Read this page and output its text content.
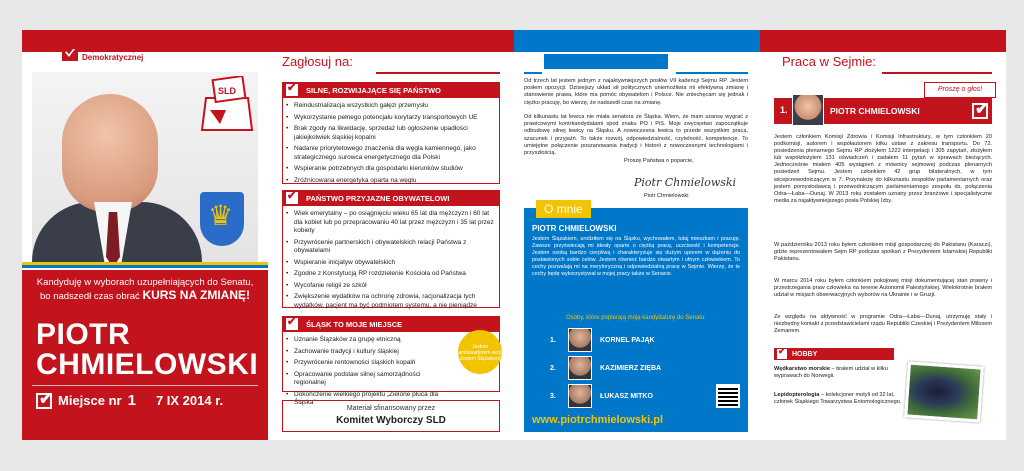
Sojusz Lewicy Demokratycznej
SLD
♛
Kandyduję w wyborach uzupełniających do Senatu, bo nadszedł czas obrać KURS NA ZMIANĘ!
PIOTR
CHMIELOWSKI
✔
Miejsce nr 1 7 IX 2014 r.
Zagłosuj na:
✔
SILNE, ROZWIJAJĄCE SIĘ PAŃSTWO
• Reindustrializacja wszystkich gałęzi przemysłu
• Wykorzystanie pełnego potencjału korytarzy transportowych UE
• Brak zgody na likwidację, sprzedaż lub ogłoszenie upadłości jakiejkolwiek śląskiej kopalni
• Nadanie priorytetowego znaczenia dla węgla kamiennego, jako strategicznego surowca energetycznego dla Polski
• Wspieranie potrzebnych dla gospodarki kierunków studiów
• Zróżnicowana energetyka oparta na węglu
✔
PAŃSTWO PRZYJAZNE OBYWATELOWI
• Wiek emerytalny – po osiągnięciu wieku 65 lat dla mężczyzn i 60 lat dla kobiet lub po przepracowaniu 40 lat przez mężczyzn i 35 lat przez kobiety
• Przywrócenie partnerskich i obywatelskich relacji Państwa z obywatelami
• Wspieranie inicjatyw obywatelskich
• Zgodne z Konstytucją RP rozdzielenie Kościoła od Państwa
• Wycofanie religii ze szkół
• Zwiększenie wydatków na ochronę zdrowia, racjonalizacja tych wydatków, pacjent ma być podmiotem systemu, a nie pieniądze
✔
ŚLĄSK TO MOJE MIEJSCE
• Uznanie Ślązaków za grupę etniczną
• Zachowanie tradycji i kultury śląskiej
• Przywrócenie rentowności śląskich kopalń
• Opracowanie podstaw silnej samorządności regionalnej
• Dokończenie wielkiego projektu „Zielone płuca dla Śląska”
Jestem ambasadorem akcji „Jestem Ślązakiem”
Materiał sfinansowany przez
Komitet Wyborczy SLD
Dlaczego kandyduję?
Od trzech lat jestem jednym z najaktywniejszych posłów VII kadencji Sejmu RP. Jestem posłem opozycji. Dzisiejszy układ sił politycznych uniemożliwia mi efektywną zmianę i stanowienie prawa, które ma pomóc obywatelom i Polsce. Nie zniechęcam się jednak i ciężko pracuję, bo wierzę, że nadszedł czas na zmianę.
Od kilkunastu lat lewica nie miała senatora ze Śląska. Wiem, że mam szansę wygrać z prawicowymi kontrkandydatami spod znaku PO i PiS. Moje zwycięstwo zapoczątkuje odbudowę silnej lewicy na Śląsku. A nowoczesna lewica to przede wszystkim praca, szacunek i przyjaźń. To także rozwój, odpowiedzialność, czytelność, kompetencje. To umiejętne połączenie poszanowania tradycji i historii z nowoczesnymi technologiami i przyszłością.
Proszę Państwa o poparcie,
Piotr Chmielowski
Piotr Chmielowski
O mnie
PIOTR CHMIELOWSKI
Jestem Ślązakiem, urodziłem się na Śląsku, wychowałem, tutaj mieszkam i pracuję. Zawsze przyświecają mi ideały oparte o ciężką pracę, uczciwość i kompetencje. Jestem osobą bardzo cierpliwą i charakteryzuje się dużym uporem w dążeniu do postawionych sobie celów. Jestem również bardzo otwartym i ufnym człowiekiem. To cechy pozwalają mi na merytoryczną i odpowiedzialną pracę w Sejmie. Wierzę, że te cechy będę wykorzystywał w mojej pracy także w Senacie.
Osoby, które popierają moją kandydaturę do Senatu:
1.	KORNEL PAJĄK
2.	KAZIMIERZ ZIĘBA
3.	ŁUKASZ MITKO
www.piotrchmielowski.pl
Praca w Sejmie:
Proszę o głos!
1.	PIOTR CHMIELOWSKI
✔
Jestem członkiem Komisji Zdrowia i Komisji Infrastruktury, w tym członkiem 20 podkomisji, autorem i współautorem kilku ustaw z zakresu transportu. Do 72. posiedzenia plenarnego Sejmu RP złożyłem 1222 interpelacji i 305 zapytań, złożyłem lub współzłożyłem 131 oświadczeń i zadałem 11 pytań w sprawach bieżących. Jednocześnie miałem 405 wystąpień z mównicy sejmowej podczas plenarnych posiedzeń Sejmu. Jestem członkiem 42 grup bilateralnych, w tym wiceprzewodniczącym w 7. Przynależę do kilkunastu zespołów parlamentarnych oraz jestem pomysłodawcą i przewodniczącym parlamentarnego zespołu ds. połączenia Odra—Łaba—Dunaj. W 2013 roku zostałem uznany przez branżowe i specjalistyczne media za najaktywniejszego posła Polskiej Izby.
W październiku 2013 roku byłem członkiem misji gospodarczej do Pakistanu (Karaczi), gdzie reprezentowałem Sejm RP podczas spotkań z Prezydentem Islamskiej Republiki Pakistanu.
W marcu 2014 roku byłem członkiem pokojowej misji dokumentującej stan prawny i przestrzegania praw człowieka na terenie Autonomii Palestyńskiej. Wielokrotnie brałem udział w misjach obserwacyjnych wyborów na Ukrainie i w Gruzji.
Ze względu na aktywność w programie Odra—Łaba—Dunaj, utrzymuję stały i niezbędny kontakt z przedstawicielami rządu Republiki Czeskiej i Prezydentem Milosem Zemanem.
✔
HOBBY
Wędkarstwo morskie – brałem udział w kilku wyprawach do Norwegii.
Lepidopterologia – kolekcjoner motyli od 32 lat, członek Śląskiego Towarzystwa Entomologicznego.
